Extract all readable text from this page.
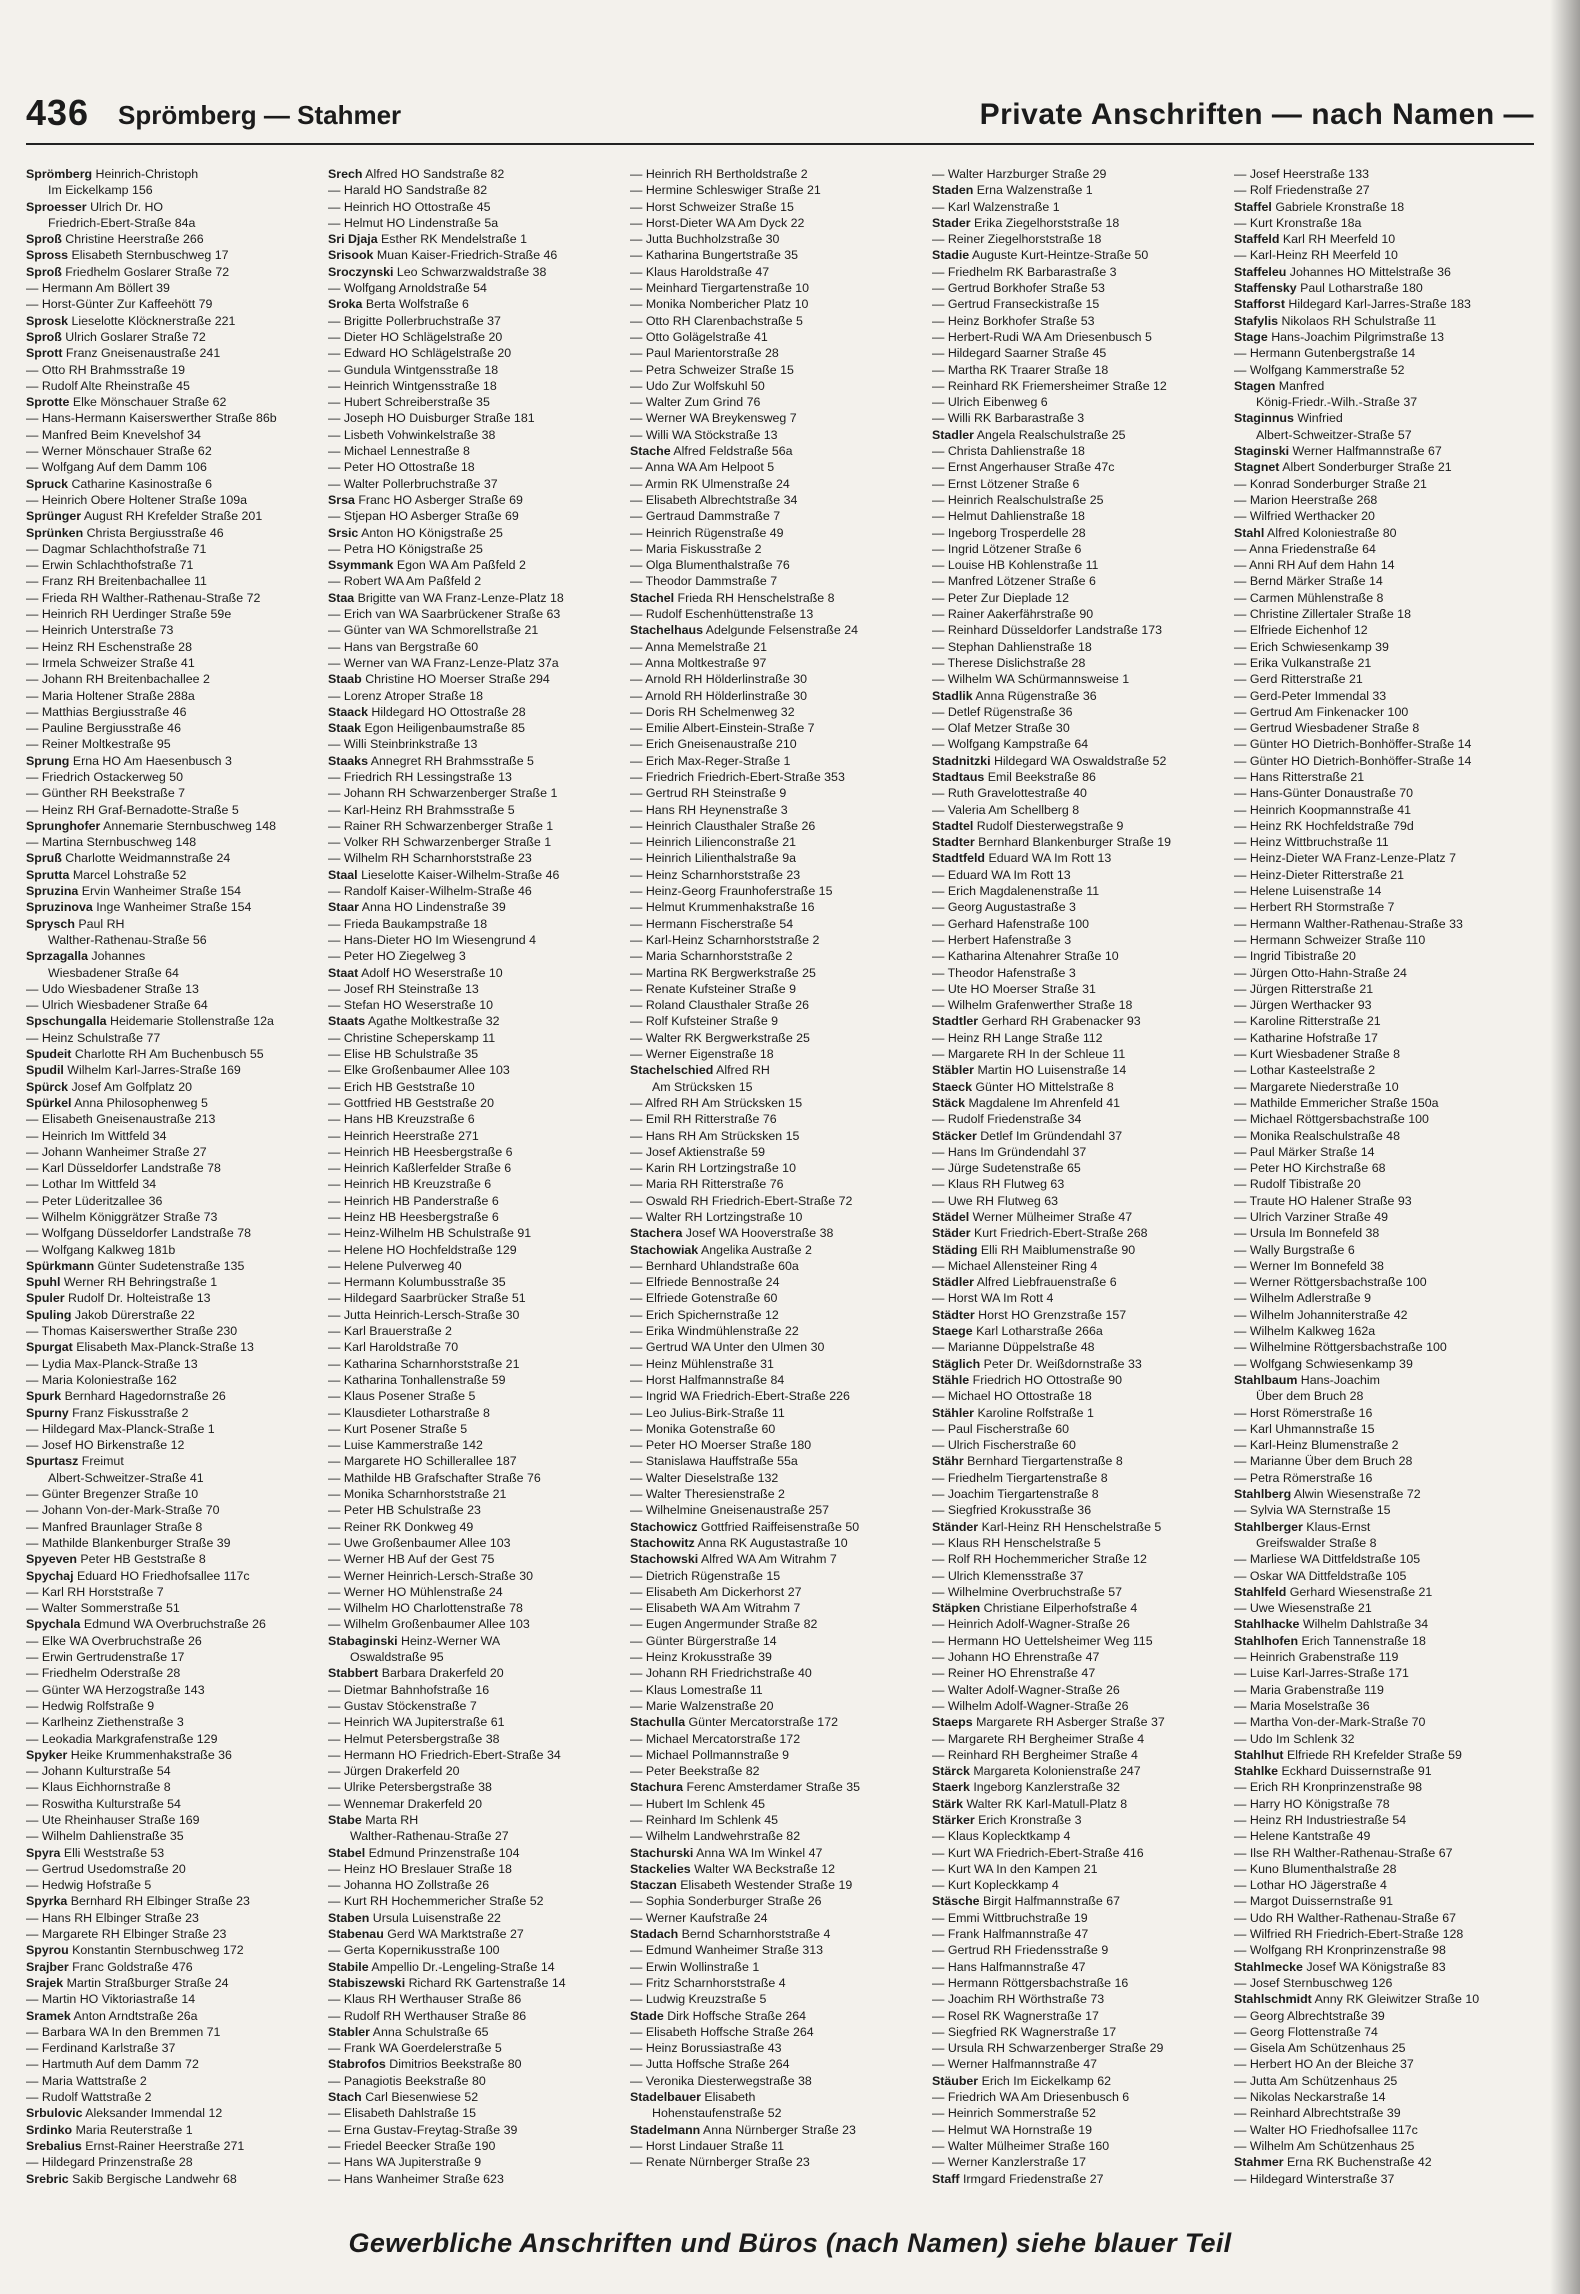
436 Sprömberg — Stahmer	Private Anschriften — nach Namen —
Sprömberg Heinrich-Christoph
Im Eickelkamp 156
Sproesser Ulrich Dr. HO
Friedrich-Ebert-Straße 84a
Sproß Christine Heerstraße 266
Spross Elisabeth Sternbuschweg 17
Sproß Friedhelm Goslarer Straße 72
— Hermann Am Böllert 39
— Horst-Günter Zur Kaffeehött 79
Sprosk Lieselotte Klöcknerstraße 221
Sproß Ulrich Goslarer Straße 72
Sprott Franz Gneisenaustraße 241
— Otto RH Brahmsstraße 19
— Rudolf Alte Rheinstraße 45
Sprotte Elke Mönschauer Straße 62
— Hans-Hermann Kaiserswerther Straße 86b
— Manfred Beim Knevelshof 34
— Werner Mönschauer Straße 62
— Wolfgang Auf dem Damm 106
Spruck Catharine Kasinostraße 6
— Heinrich Obere Holtener Straße 109a
Sprünger August RH Krefelder Straße 201
Sprünken Christa Bergiusstraße 46
— Dagmar Schlachthofstraße 71
— Erwin Schlachthofstraße 71
— Franz RH Breitenbachallee 11
— Frieda RH Walther-Rathenau-Straße 72
— Heinrich RH Uerdinger Straße 59e
— Heinrich Unterstraße 73
— Heinz RH Eschenstraße 28
— Irmela Schweizer Straße 41
— Johann RH Breitenbachallee 2
— Maria Holtener Straße 288a
— Matthias Bergiusstraße 46
— Pauline Bergiusstraße 46
— Reiner Moltkestraße 95
Sprung Erna HO Am Haesenbusch 3
— Friedrich Ostackerweg 50
— Günther RH Beekstraße 7
— Heinz RH Graf-Bernadotte-Straße 5
Sprunghofer Annemarie Sternbuschweg 148
— Martina Sternbuschweg 148
Spruß Charlotte Weidmannstraße 24
Sprutta Marcel Lohstraße 52
Spruzina Ervin Wanheimer Straße 154
Spruzinova Inge Wanheimer Straße 154
Sprysch Paul RH
Walther-Rathenau-Straße 56
Sprzagalla Johannes
Wiesbadener Straße 64
— Udo Wiesbadener Straße 13
— Ulrich Wiesbadener Straße 64
Spschungalla Heidemarie Stollenstraße 12a
— Heinz Schulstraße 77
Spudeit Charlotte RH Am Buchenbusch 55
Spudil Wilhelm Karl-Jarres-Straße 169
Spürck Josef Am Golfplatz 20
Spürkel Anna Philosophenweg 5
— Elisabeth Gneisenaustraße 213
— Heinrich Im Wittfeld 34
— Johann Wanheimer Straße 27
— Karl Düsseldorfer Landstraße 78
— Lothar Im Wittfeld 34
— Peter Lüderitzallee 36
— Wilhelm Königgrätzer Straße 73
— Wolfgang Düsseldorfer Landstraße 78
— Wolfgang Kalkweg 181b
Spürkmann Günter Sudetenstraße 135
Spuhl Werner RH Behringstraße 1
Spuler Rudolf Dr. Holteistraße 13
Spuling Jakob Dürerstraße 22
— Thomas Kaiserswerther Straße 230
Spurgat Elisabeth Max-Planck-Straße 13
— Lydia Max-Planck-Straße 13
— Maria Koloniestraße 162
Spurk Bernhard Hagedornstraße 26
Spurny Franz Fiskusstraße 2
— Hildegard Max-Planck-Straße 1
— Josef HO Birkenstraße 12
Spurtasz Freimut
Albert-Schweitzer-Straße 41
— Günter Bregenzer Straße 10
— Johann Von-der-Mark-Straße 70
— Manfred Braunlager Straße 8
— Mathilde Blankenburger Straße 39
Spyeven Peter HB Geststraße 8
Spychaj Eduard HO Friedhofsallee 117c
— Karl RH Horststraße 7
— Walter Sommerstraße 51
Spychala Edmund WA Overbruchstraße 26
— Elke WA Overbruchstraße 26
— Erwin Gertrudenstraße 17
— Friedhelm Oderstraße 28
— Günter WA Herzogstraße 143
— Hedwig Rolfstraße 9
— Karlheinz Ziethenstraße 3
— Leokadia Markgrafenstraße 129
Spyker Heike Krummenhakstraße 36
— Johann Kulturstraße 54
— Klaus Eichhornstraße 8
— Roswitha Kulturstraße 54
— Ute Rheinhauser Straße 169
— Wilhelm Dahlienstraße 35
Spyra Elli Weststraße 53
— Gertrud Usedomstraße 20
— Hedwig Hofstraße 5
Spyrka Bernhard RH Elbinger Straße 23
— Hans RH Elbinger Straße 23
— Margarete RH Elbinger Straße 23
Spyrou Konstantin Sternbuschweg 172
Srajber Franc Goldstraße 476
Srajek Martin Straßburger Straße 24
— Martin HO Viktoriastraße 14
Sramek Anton Arndtstraße 26a
— Barbara WA In den Bremmen 71
— Ferdinand Karlstraße 37
— Hartmuth Auf dem Damm 72
— Maria Wattstraße 2
— Rudolf Wattstraße 2
Srbulovic Aleksander Immendal 12
Srdinko Maria Reuterstraße 1
Srebalius Ernst-Rainer Heerstraße 271
— Hildegard Prinzenstraße 28
Srebric Sakib Bergische Landwehr 68
Srech Alfred HO Sandstraße 82
— Harald HO Sandstraße 82
— Heinrich HO Ottostraße 45
— Helmut HO Lindenstraße 5a
Sri Djaja Esther RK Mendelstraße 1
Srisook Muan Kaiser-Friedrich-Straße 46
Sroczynski Leo Schwarzwaldstraße 38
— Wolfgang Arnoldstraße 54
Sroka Berta Wolfstraße 6
— Brigitte Pollerbruchstraße 37
— Dieter HO Schlägelstraße 20
— Edward HO Schlägelstraße 20
— Gundula Wintgensstraße 18
— Heinrich Wintgensstraße 18
— Hubert Schreiberstraße 35
— Joseph HO Duisburger Straße 181
— Lisbeth Vohwinkelstraße 38
— Michael Lennestraße 8
— Peter HO Ottostraße 18
— Walter Pollerbruchstraße 37
Srsa Franc HO Asberger Straße 69
— Stjepan HO Asberger Straße 69
Srsic Anton HO Königstraße 25
— Petra HO Königstraße 25
Ssymmank Egon WA Am Paßfeld 2
— Robert WA Am Paßfeld 2
Staa Brigitte van WA Franz-Lenze-Platz 18
— Erich van WA Saarbrückener Straße 63
— Günter van WA Schmorellstraße 21
— Hans van Bergstraße 60
— Werner van WA Franz-Lenze-Platz 37a
Staab Christine HO Moerser Straße 294
— Lorenz Atroper Straße 18
Staack Hildegard HO Ottostraße 28
Staak Egon Heiligenbaumstraße 85
— Willi Steinbrinkstraße 13
Staaks Annegret RH Brahmsstraße 5
— Friedrich RH Lessingstraße 13
— Johann RH Schwarzenberger Straße 1
— Karl-Heinz RH Brahmsstraße 5
— Rainer RH Schwarzenberger Straße 1
— Volker RH Schwarzenberger Straße 1
— Wilhelm RH Scharnhorststraße 23
Staal Lieselotte Kaiser-Wilhelm-Straße 46
— Randolf Kaiser-Wilhelm-Straße 46
Staar Anna HO Lindenstraße 39
— Frieda Baukampstraße 18
— Hans-Dieter HO Im Wiesengrund 4
— Peter HO Ziegelweg 3
Staat Adolf HO Weserstraße 10
— Josef RH Steinstraße 13
— Stefan HO Weserstraße 10
Staats Agathe Moltkestraße 32
— Christine Scheperskamp 11
— Elise HB Schulstraße 35
— Elke Großenbaumer Allee 103
— Erich HB Geststraße 10
— Gottfried HB Geststraße 20
— Hans HB Kreuzstraße 6
— Heinrich Heerstraße 271
— Heinrich HB Heesbergstraße 6
— Heinrich Kaßlerfelder Straße 6
— Heinrich HB Kreuzstraße 6
— Heinrich HB Panderstraße 6
— Heinz HB Heesbergstraße 6
— Heinz-Wilhelm HB Schulstraße 91
— Helene HO Hochfeldstraße 129
— Helene Pulverweg 40
— Hermann Kolumbusstraße 35
— Hildegard Saarbrücker Straße 51
— Jutta Heinrich-Lersch-Straße 30
— Karl Brauerstraße 2
— Karl Haroldstraße 70
— Katharina Scharnhorststraße 21
— Katharina Tonhallenstraße 59
— Klaus Posener Straße 5
— Klausdieter Lotharstraße 8
— Kurt Posener Straße 5
— Luise Kammerstraße 142
— Margarete HO Schillerallee 187
— Mathilde HB Grafschafter Straße 76
— Monika Scharnhorststraße 21
— Peter HB Schulstraße 23
— Reiner RK Donkweg 49
— Uwe Großenbaumer Allee 103
— Werner HB Auf der Gest 75
— Werner Heinrich-Lersch-Straße 30
— Werner HO Mühlenstraße 24
— Wilhelm HO Charlottenstraße 78
— Wilhelm Großenbaumer Allee 103
Stabaginski Heinz-Werner WA
Oswaldstraße 95
Stabbert Barbara Drakerfeld 20
— Dietmar Bahnhofstraße 16
— Gustav Stöckenstraße 7
— Heinrich WA Jupiterstraße 61
— Helmut Petersbergstraße 38
— Hermann HO Friedrich-Ebert-Straße 34
— Jürgen Drakerfeld 20
— Ulrike Petersbergstraße 38
— Wennemar Drakerfeld 20
Stabe Marta RH
Walther-Rathenau-Straße 27
Stabel Edmund Prinzenstraße 104
— Heinz HO Breslauer Straße 18
— Johanna HO Zollstraße 26
— Kurt RH Hochemmericher Straße 52
Staben Ursula Luisenstraße 22
Stabenau Gerd WA Marktstraße 27
— Gerta Kopernikusstraße 100
Stabile Ampellio Dr.-Lengeling-Straße 14
Stabiszewski Richard RK Gartenstraße 14
— Klaus RH Werthauser Straße 86
— Rudolf RH Werthauser Straße 86
Stabler Anna Schulstraße 65
— Frank WA Goerdelerstraße 5
Stabrofos Dimitrios Beekstraße 80
— Panagiotis Beekstraße 80
Stach Carl Biesenwiese 52
— Elisabeth Dahlstraße 15
— Erna Gustav-Freytag-Straße 39
— Friedel Beecker Straße 190
— Hans WA Jupiterstraße 9
— Hans Wanheimer Straße 623
— Heinrich RH Bertholdstraße 2
— Hermine Schleswiger Straße 21
— Horst Schweizer Straße 15
— Horst-Dieter WA Am Dyck 22
— Jutta Buchholzstraße 30
— Katharina Bungertstraße 35
— Klaus Haroldstraße 47
— Meinhard Tiergartenstraße 10
— Monika Nombericher Platz 10
— Otto RH Clarenbachstraße 5
— Otto Golägelstraße 41
— Paul Marientorstraße 28
— Petra Schweizer Straße 15
— Udo Zur Wolfskuhl 50
— Walter Zum Grind 76
— Werner WA Breykensweg 7
— Willi WA Stöckstraße 13
Stache Alfred Feldstraße 56a
— Anna WA Am Helpoot 5
— Armin RK Ulmenstraße 24
— Elisabeth Albrechtstraße 34
— Gertraud Dammstraße 7
— Heinrich Rügenstraße 49
— Maria Fiskusstraße 2
— Olga Blumenthalstraße 76
— Theodor Dammstraße 7
Stachel Frieda RH Henschelstraße 8
— Rudolf Eschenhüttenstraße 13
Stachelhaus Adelgunde Felsenstraße 24
— Anna Memelstraße 21
— Anna Moltkestraße 97
— Arnold RH Hölderlinstraße 30
— Arnold RH Hölderlinstraße 30
— Doris RH Schelmenweg 32
— Emilie Albert-Einstein-Straße 7
— Erich Gneisenaustraße 210
— Erich Max-Reger-Straße 1
— Friedrich Friedrich-Ebert-Straße 353
— Gertrud RH Steinstraße 9
— Hans RH Heynenstraße 3
— Heinrich Clausthaler Straße 26
— Heinrich Lilienconstraße 21
— Heinrich Lilienthalstraße 9a
— Heinz Scharnhorststraße 23
— Heinz-Georg Fraunhoferstraße 15
— Helmut Krummenhakstraße 16
— Hermann Fischerstraße 54
— Karl-Heinz Scharnhorststraße 2
— Maria Scharnhorststraße 2
— Martina RK Bergwerkstraße 25
— Renate Kufsteiner Straße 9
— Roland Clausthaler Straße 26
— Rolf Kufsteiner Straße 9
— Walter RK Bergwerkstraße 25
— Werner Eigenstraße 18
Stachelschied Alfred RH
Am Strücksken 15
— Alfred RH Am Strücksken 15
— Emil RH Ritterstraße 76
— Hans RH Am Strücksken 15
— Josef Aktienstraße 59
— Karin RH Lortzingstraße 10
— Maria RH Ritterstraße 76
— Oswald RH Friedrich-Ebert-Straße 72
— Walter RH Lortzingstraße 10
Stachera Josef WA Hooverstraße 38
Stachowiak Angelika Austraße 2
— Bernhard Uhlandstraße 60a
— Elfriede Bennostraße 24
— Elfriede Gotenstraße 60
— Erich Spichernstraße 12
— Erika Windmühlenstraße 22
— Gertrud WA Unter den Ulmen 30
— Heinz Mühlenstraße 31
— Horst Halfmannstraße 84
— Ingrid WA Friedrich-Ebert-Straße 226
— Leo Julius-Birk-Straße 11
— Monika Gotenstraße 60
— Peter HO Moerser Straße 180
— Stanislawa Hauffstraße 55a
— Walter Dieselstraße 132
— Walter Theresienstraße 2
— Wilhelmine Gneisenaustraße 257
Stachowicz Gottfried Raiffeisenstraße 50
Stachowitz Anna RK Augustastraße 10
Stachowski Alfred WA Am Witrahm 7
— Dietrich Rügenstraße 15
— Elisabeth Am Dickerhorst 27
— Elisabeth WA Am Witrahm 7
— Eugen Angermunder Straße 82
— Günter Bürgerstraße 14
— Heinz Krokusstraße 39
— Johann RH Friedrichstraße 40
— Klaus Lomestraße 11
— Marie Walzenstraße 20
Stachulla Günter Mercatorstraße 172
— Michael Mercatorstraße 172
— Michael Pollmannstraße 9
— Peter Beekstraße 82
Stachura Ferenc Amsterdamer Straße 35
— Hubert Im Schlenk 45
— Reinhard Im Schlenk 45
— Wilhelm Landwehrstraße 82
Stachurski Anna WA Im Winkel 47
Stackelies Walter WA Beckstraße 12
Staczan Elisabeth Westender Straße 19
— Sophia Sonderburger Straße 26
— Werner Kaufstraße 24
Stadach Bernd Scharnhorststraße 4
— Edmund Wanheimer Straße 313
— Erwin Wollinstraße 1
— Fritz Scharnhorststraße 4
— Ludwig Kreuzstraße 5
Stade Dirk Hoffsche Straße 264
— Elisabeth Hoffsche Straße 264
— Heinz Borussiastraße 43
— Jutta Hoffsche Straße 264
— Veronika Diesterwegstraße 38
Stadelbauer Elisabeth
Hohenstaufenstraße 52
Stadelmann Anna Nürnberger Straße 23
— Horst Lindauer Straße 11
— Renate Nürnberger Straße 23
— Walter Harzburger Straße 29
Staden Erna Walzenstraße 1
— Karl Walzenstraße 1
Stader Erika Ziegelhorststraße 18
— Reiner Ziegelhorststraße 18
Stadie Auguste Kurt-Heintze-Straße 50
— Friedhelm RK Barbarastraße 3
— Gertrud Borkhofer Straße 53
— Gertrud Franseckistraße 15
— Heinz Borkhofer Straße 53
— Herbert-Rudi WA Am Driesenbusch 5
— Hildegard Saarner Straße 45
— Martha RK Traarer Straße 18
— Reinhard RK Friemersheimer Straße 12
— Ulrich Eibenweg 6
— Willi RK Barbarastraße 3
Stadler Angela Realschulstraße 25
— Christa Dahlienstraße 18
— Ernst Angerhauser Straße 47c
— Ernst Lötzener Straße 6
— Heinrich Realschulstraße 25
— Helmut Dahlienstraße 18
— Ingeborg Trosperdelle 28
— Ingrid Lötzener Straße 6
— Louise HB Kohlenstraße 11
— Manfred Lötzener Straße 6
— Peter Zur Dieplade 12
— Rainer Aakerfährstraße 90
— Reinhard Düsseldorfer Landstraße 173
— Stephan Dahlienstraße 18
— Therese Dislichstraße 28
— Wilhelm WA Schürmannsweise 1
Stadlik Anna Rügenstraße 36
— Detlef Rügenstraße 36
— Olaf Metzer Straße 30
— Wolfgang Kampstraße 64
Stadnitzki Hildegard WA Oswaldstraße 52
Stadtaus Emil Beekstraße 86
— Ruth Gravelottestraße 40
— Valeria Am Schellberg 8
Stadtel Rudolf Diesterwegstraße 9
Stadter Bernhard Blankenburger Straße 19
Stadtfeld Eduard WA Im Rott 13
— Eduard WA Im Rott 13
— Erich Magdalenenstraße 11
— Georg Augustastraße 3
— Gerhard Hafenstraße 100
— Herbert Hafenstraße 3
— Katharina Altenahrer Straße 10
— Theodor Hafenstraße 3
— Ute HO Moerser Straße 31
— Wilhelm Grafenwerther Straße 18
Stadtler Gerhard RH Grabenacker 93
— Heinz RH Lange Straße 112
— Margarete RH In der Schleue 11
Stäbler Martin HO Luisenstraße 14
Staeck Günter HO Mittelstraße 8
Stäck Magdalene Im Ahrenfeld 41
— Rudolf Friedenstraße 34
Stäcker Detlef Im Gründendahl 37
— Hans Im Gründendahl 37
— Jürge Sudetenstraße 65
— Klaus RH Flutweg 63
— Uwe RH Flutweg 63
Städel Werner Mülheimer Straße 47
Städer Kurt Friedrich-Ebert-Straße 268
Städing Elli RH Maiblumenstraße 90
— Michael Allensteiner Ring 4
Städler Alfred Liebfrauenstraße 6
— Horst WA Im Rott 4
Städter Horst HO Grenzstraße 157
Staege Karl Lotharstraße 266a
— Marianne Düppelstraße 48
Stäglich Peter Dr. Weißdornstraße 33
Stähle Friedrich HO Ottostraße 90
— Michael HO Ottostraße 18
Stähler Karoline Rolfstraße 1
— Paul Fischerstraße 60
— Ulrich Fischerstraße 60
Stähr Bernhard Tiergartenstraße 8
— Friedhelm Tiergartenstraße 8
— Joachim Tiergartenstraße 8
— Siegfried Krokusstraße 36
Ständer Karl-Heinz RH Henschelstraße 5
— Klaus RH Henschelstraße 5
— Rolf RH Hochemmericher Straße 12
— Ulrich Klemensstraße 37
— Wilhelmine Overbruchstraße 57
Stäpken Christiane Eilperhofstraße 4
— Heinrich Adolf-Wagner-Straße 26
— Hermann HO Uettelsheimer Weg 115
— Johann HO Ehrenstraße 47
— Reiner HO Ehrenstraße 47
— Walter Adolf-Wagner-Straße 26
— Wilhelm Adolf-Wagner-Straße 26
Staeps Margarete RH Asberger Straße 37
— Margarete RH Bergheimer Straße 4
— Reinhard RH Bergheimer Straße 4
Stärck Margareta Kolonienstraße 247
Staerk Ingeborg Kanzlerstraße 32
Stärk Walter RK Karl-Matull-Platz 8
Stärker Erich Kronstraße 3
— Klaus Koplecktkamp 4
— Kurt WA Friedrich-Ebert-Straße 416
— Kurt WA In den Kampen 21
— Kurt Kopleckkamp 4
Stäsche Birgit Halfmannstraße 67
— Emmi Wittbruchstraße 19
— Frank Halfmannstraße 47
— Gertrud RH Friedensstraße 9
— Hans Halfmannstraße 47
— Hermann Röttgersbachstraße 16
— Joachim RH Wörthstraße 73
— Rosel RK Wagnerstraße 17
— Siegfried RK Wagnerstraße 17
— Ursula RH Schwarzenberger Straße 29
— Werner Halfmannstraße 47
Stäuber Erich Im Eickelkamp 62
— Friedrich WA Am Driesenbusch 6
— Heinrich Sommerstraße 52
— Helmut WA Hornstraße 19
— Walter Mülheimer Straße 160
— Werner Kanzlerstraße 17
Staff Irmgard Friedenstraße 27
— Josef Heerstraße 133
— Rolf Friedenstraße 27
Staffel Gabriele Kronstraße 18
— Kurt Kronstraße 18a
Staffeld Karl RH Meerfeld 10
— Karl-Heinz RH Meerfeld 10
Staffeleu Johannes HO Mittelstraße 36
Staffensky Paul Lotharstraße 180
Stafforst Hildegard Karl-Jarres-Straße 183
Stafylis Nikolaos RH Schulstraße 11
Stage Hans-Joachim Pilgrimstraße 13
— Hermann Gutenbergstraße 14
— Wolfgang Kammerstraße 52
Stagen Manfred
König-Friedr.-Wilh.-Straße 37
Staginnus Winfried
Albert-Schweitzer-Straße 57
Staginski Werner Halfmannstraße 67
Stagnet Albert Sonderburger Straße 21
— Konrad Sonderburger Straße 21
— Marion Heerstraße 268
— Wilfried Werthacker 20
Stahl Alfred Koloniestraße 80
— Anna Friedenstraße 64
— Anni RH Auf dem Hahn 14
— Bernd Märker Straße 14
— Carmen Mühlenstraße 8
— Christine Zillertaler Straße 18
— Elfriede Eichenhof 12
— Erich Schwiesenkamp 39
— Erika Vulkanstraße 21
— Gerd Ritterstraße 21
— Gerd-Peter Immendal 33
— Gertrud Am Finkenacker 100
— Gertrud Wiesbadener Straße 8
— Günter HO Dietrich-Bonhöffer-Straße 14
— Günter HO Dietrich-Bonhöffer-Straße 14
— Hans Ritterstraße 21
— Hans-Günter Donaustraße 70
— Heinrich Koopmannstraße 41
— Heinz RK Hochfeldstraße 79d
— Heinz Wittbruchstraße 11
— Heinz-Dieter WA Franz-Lenze-Platz 7
— Heinz-Dieter Ritterstraße 21
— Helene Luisenstraße 14
— Herbert RH Stormstraße 7
— Hermann Walther-Rathenau-Straße 33
— Hermann Schweizer Straße 110
— Ingrid Tibistraße 20
— Jürgen Otto-Hahn-Straße 24
— Jürgen Ritterstraße 21
— Jürgen Werthacker 93
— Karoline Ritterstraße 21
— Katharine Hofstraße 17
— Kurt Wiesbadener Straße 8
— Lothar Kasteelstraße 2
— Margarete Niederstraße 10
— Mathilde Emmericher Straße 150a
— Michael Röttgersbachstraße 100
— Monika Realschulstraße 48
— Paul Märker Straße 14
— Peter HO Kirchstraße 68
— Rudolf Tibistraße 20
— Traute HO Halener Straße 93
— Ulrich Varziner Straße 49
— Ursula Im Bonnefeld 38
— Wally Burgstraße 6
— Werner Im Bonnefeld 38
— Werner Röttgersbachstraße 100
— Wilhelm Adlerstraße 9
— Wilhelm Johanniterstraße 42
— Wilhelm Kalkweg 162a
— Wilhelmine Röttgersbachstraße 100
— Wolfgang Schwiesenkamp 39
Stahlbaum Hans-Joachim
Über dem Bruch 28
— Horst Römerstraße 16
— Karl Uhmannstraße 15
— Karl-Heinz Blumenstraße 2
— Marianne Über dem Bruch 28
— Petra Römerstraße 16
Stahlberg Alwin Wiesenstraße 72
— Sylvia WA Sternstraße 15
Stahlberger Klaus-Ernst
Greifswalder Straße 8
— Marliese WA Dittfeldstraße 105
— Oskar WA Dittfeldstraße 105
Stahlfeld Gerhard Wiesenstraße 21
— Uwe Wiesenstraße 21
Stahlhacke Wilhelm Dahlstraße 34
Stahlhofen Erich Tannenstraße 18
— Heinrich Grabenstraße 119
— Luise Karl-Jarres-Straße 171
— Maria Grabenstraße 119
— Maria Moselstraße 36
— Martha Von-der-Mark-Straße 70
— Udo Im Schlenk 32
Stahlhut Elfriede RH Krefelder Straße 59
Stahlke Eckhard Duissernstraße 91
— Erich RH Kronprinzenstraße 98
— Harry HO Königstraße 78
— Heinz RH Industriestraße 54
— Helene Kantstraße 49
— Ilse RH Walther-Rathenau-Straße 67
— Kuno Blumenthalstraße 28
— Lothar HO Jägerstraße 4
— Margot Duissernstraße 91
— Udo RH Walther-Rathenau-Straße 67
— Wilfried RH Friedrich-Ebert-Straße 128
— Wolfgang RH Kronprinzenstraße 98
Stahlmecke Josef WA Königstraße 83
— Josef Sternbuschweg 126
Stahlschmidt Anny RK Gleiwitzer Straße 10
— Georg Albrechtstraße 39
— Georg Flottenstraße 74
— Gisela Am Schützenhaus 25
— Herbert HO An der Bleiche 37
— Jutta Am Schützenhaus 25
— Nikolas Neckarstraße 14
— Reinhard Albrechtstraße 39
— Walter HO Friedhofsallee 117c
— Wilhelm Am Schützenhaus 25
Stahmer Erna RK Buchenstraße 42
— Hildegard Winterstraße 37
Gewerbliche Anschriften und Büros (nach Namen) siehe blauer Teil
